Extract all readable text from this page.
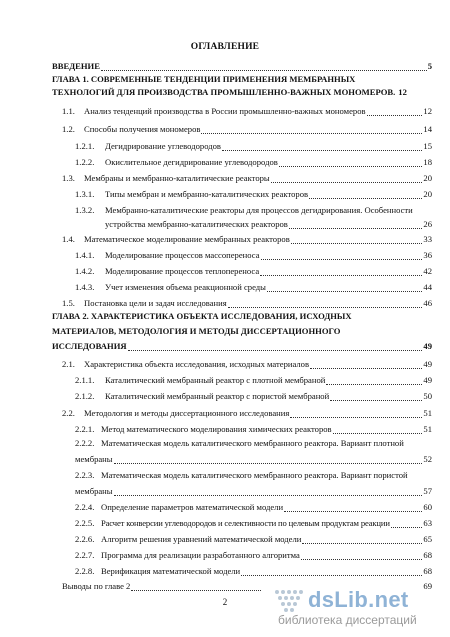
ОГЛАВЛЕНИЕ
ВВЕДЕНИЕ	5
ГЛАВА 1. СОВРЕМЕННЫЕ ТЕНДЕНЦИИ ПРИМЕНЕНИЯ МЕМБРАННЫХ
ТЕХНОЛОГИЙ ДЛЯ ПРОИЗВОДСТВА ПРОМЫШЛЕННО-ВАЖНЫХ МОНОМЕРОВ. 12
1.1.	Анализ тенденций производства в России промышленно-важных мономеров	12
1.2.	Способы получения мономеров	14
1.2.1.	Дегидрирование углеводородов	15
1.2.2.	Окислительное дегидрирование углеводородов	18
1.3.	Мембраны и мембранно-каталитические реакторы	20
1.3.1.	Типы мембран и мембранно-каталитических реакторов	20
1.3.2. Мембранно-каталитические реакторы для процессов дегидрирования. Особенности
устройства мембранно-каталитических реакторов	26
1.4.	Математическое моделирование мембранных реакторов	33
1.4.1.	Моделирование процессов массопереноса	36
1.4.2.	Моделирование процессов теплопереноса	42
1.4.3.	Учет изменения объема реакционной среды	44
1.5.	Постановка цели и задач исследования	46
ГЛАВА 2. ХАРАКТЕРИСТИКА ОБЪЕКТА ИССЛЕДОВАНИЯ, ИСХОДНЫХ
МАТЕРИАЛОВ, МЕТОДОЛОГИЯ И МЕТОДЫ ДИССЕРТАЦИОННОГО
ИССЛЕДОВАНИЯ	49
2.1.	Характеристика объекта исследования, исходных материалов	49
2.1.1.	Каталитический мембранный реактор с плотной мембраной	49
2.1.2.	Каталитический мембранный реактор с пористой мембраной	50
2.2.	Методология и методы диссертационного исследования	51
2.2.1. Метод математического моделирования химических реакторов	51
2.2.2. Математическая модель каталитического мембранного реактора. Вариант плотной
мембраны	52
2.2.3. Математическая модель каталитического мембранного реактора. Вариант пористой
мембраны	57
2.2.4. Определение параметров математической модели	60
2.2.5. Расчет конверсии углеводородов и селективности по целевым продуктам реакции	63
2.2.6. Алгоритм решения уравнений математической модели	65
2.2.7. Программа для реализации разработанного алгоритма	68
2.2.8. Верификация математической модели	68
Выводы по главе 2	69
2	dsLib.net
библиотека диссертаций
